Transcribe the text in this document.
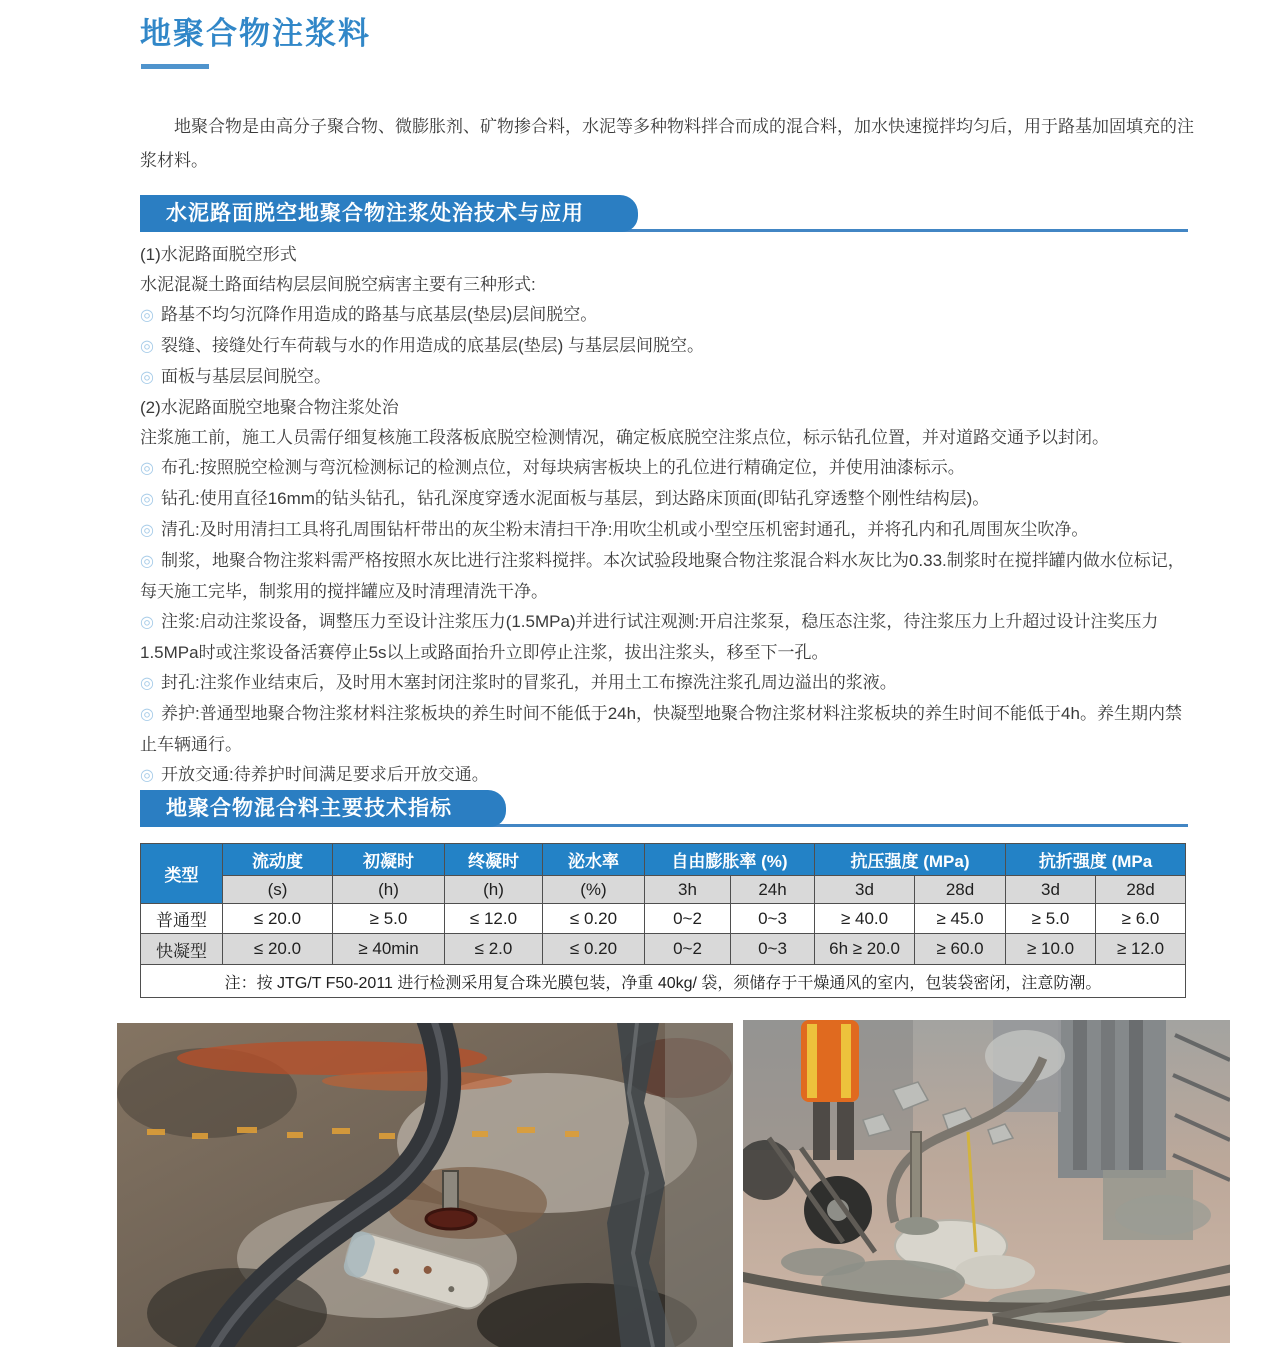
地聚合物注浆料
地聚合物是由高分子聚合物、微膨胀剂、矿物掺合料，水泥等多种物料拌合而成的混合料，加水快速搅拌均匀后，用于路基加固填充的注浆材料。
水泥路面脱空地聚合物注浆处治技术与应用
(1)水泥路面脱空形式
水泥混凝土路面结构层层间脱空病害主要有三种形式:
◎ 路基不均匀沉降作用造成的路基与底基层(垫层)层间脱空。
◎ 裂缝、接缝处行车荷载与水的作用造成的底基层(垫层) 与基层层间脱空。
◎ 面板与基层层间脱空。
(2)水泥路面脱空地聚合物注浆处治
注浆施工前，施工人员需仔细复核施工段落板底脱空检测情况，确定板底脱空注浆点位，标示钻孔位置，并对道路交通予以封闭。
◎ 布孔:按照脱空检测与弯沉检测标记的检测点位，对每块病害板块上的孔位进行精确定位，并使用油漆标示。
◎ 钻孔:使用直径16mm的钻头钻孔，钻孔深度穿透水泥面板与基层，到达路床顶面(即钻孔穿透整个刚性结构层)。
◎ 清孔:及时用清扫工具将孔周围钻杆带出的灰尘粉末清扫干净:用吹尘机或小型空压机密封通孔，并将孔内和孔周围灰尘吹净。
◎ 制浆，地聚合物注浆料需严格按照水灰比进行注浆料搅拌。本次试验段地聚合物注浆混合料水灰比为0.33.制浆时在搅拌罐内做水位标记，每天施工完毕，制浆用的搅拌罐应及时清理清洗干净。
◎ 注浆:启动注浆设备，调整压力至设计注浆压力(1.5MPa)并进行试注观测:开启注浆泵，稳压态注浆，待注浆压力上升超过设计注奖压力1.5MPa时或注浆设备活赛停止5s以上或路面抬升立即停止注浆，拔出注浆头，移至下一孔。
◎ 封孔:注浆作业结束后，及时用木塞封闭注浆时的冒浆孔，并用土工布擦洗注浆孔周边溢出的浆液。
◎ 养护:普通型地聚合物注浆材料注浆板块的养生时间不能低于24h，快凝型地聚合物注浆材料注浆板块的养生时间不能低于4h。养生期内禁止车辆通行。
◎ 开放交通:待养护时间满足要求后开放交通。
地聚合物混合料主要技术指标
类型	流动度	初凝时	终凝时	泌水率	自由膨胀率 (%)		抗压强度 (MPa)		抗折强度 (MPa	
	(s)	(h)	(h)	(%)	3h	24h	3d	28d	3d	28d
普通型	≤ 20.0	≥ 5.0	≤ 12.0	≤ 0.20	0~2	0~3	≥ 40.0	≥ 45.0	≥ 5.0	≥ 6.0
快凝型	≤ 20.0	≥ 40min	≤ 2.0	≤ 0.20	0~2	0~3	6h ≥ 20.0	≥ 60.0	≥ 10.0	≥ 12.0
注：按 JTG/T F50-2011 进行检测采用复合珠光膜包装，净重 40kg/ 袋，须储存于干燥通风的室内，包装袋密闭，注意防潮。										
